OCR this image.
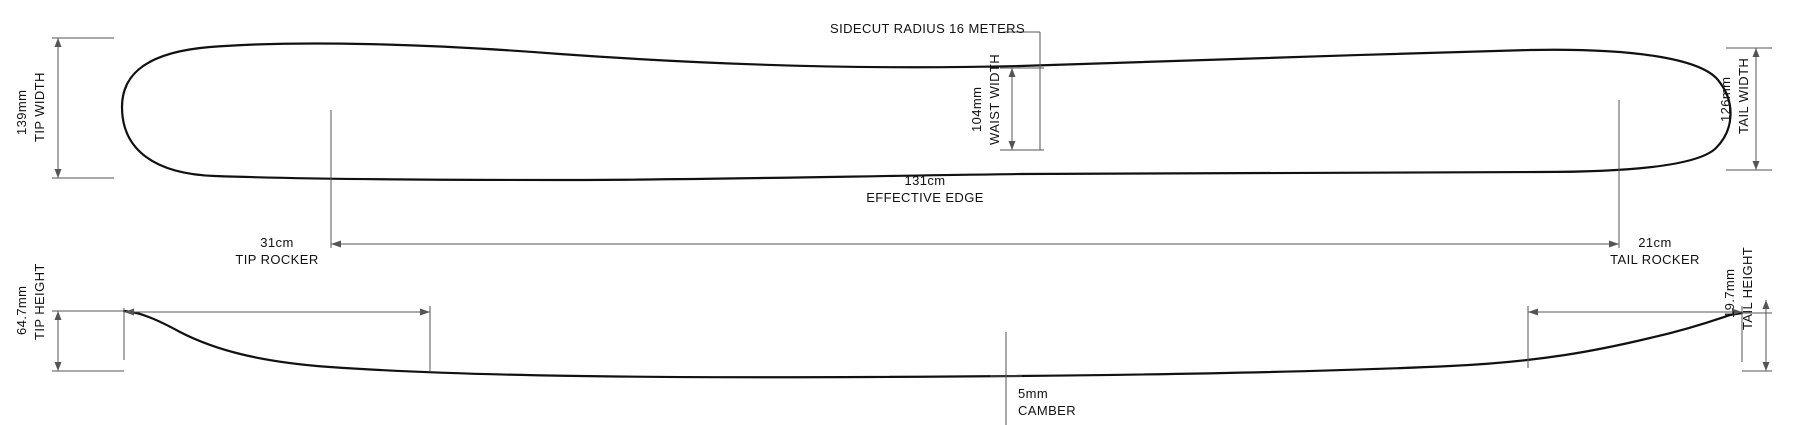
SIDECUT RADIUS 16 METERS
139mm TIP WIDTH	104mm WAIST WIDTH	126mm TAIL WIDTH
131cm
EFFECTIVE EDGE
31cm
TIP ROCKER
21cm
TAIL ROCKER
64.7mm TIP HEIGHT	19.7mm TAIL HEIGHT
5mm
CAMBER
